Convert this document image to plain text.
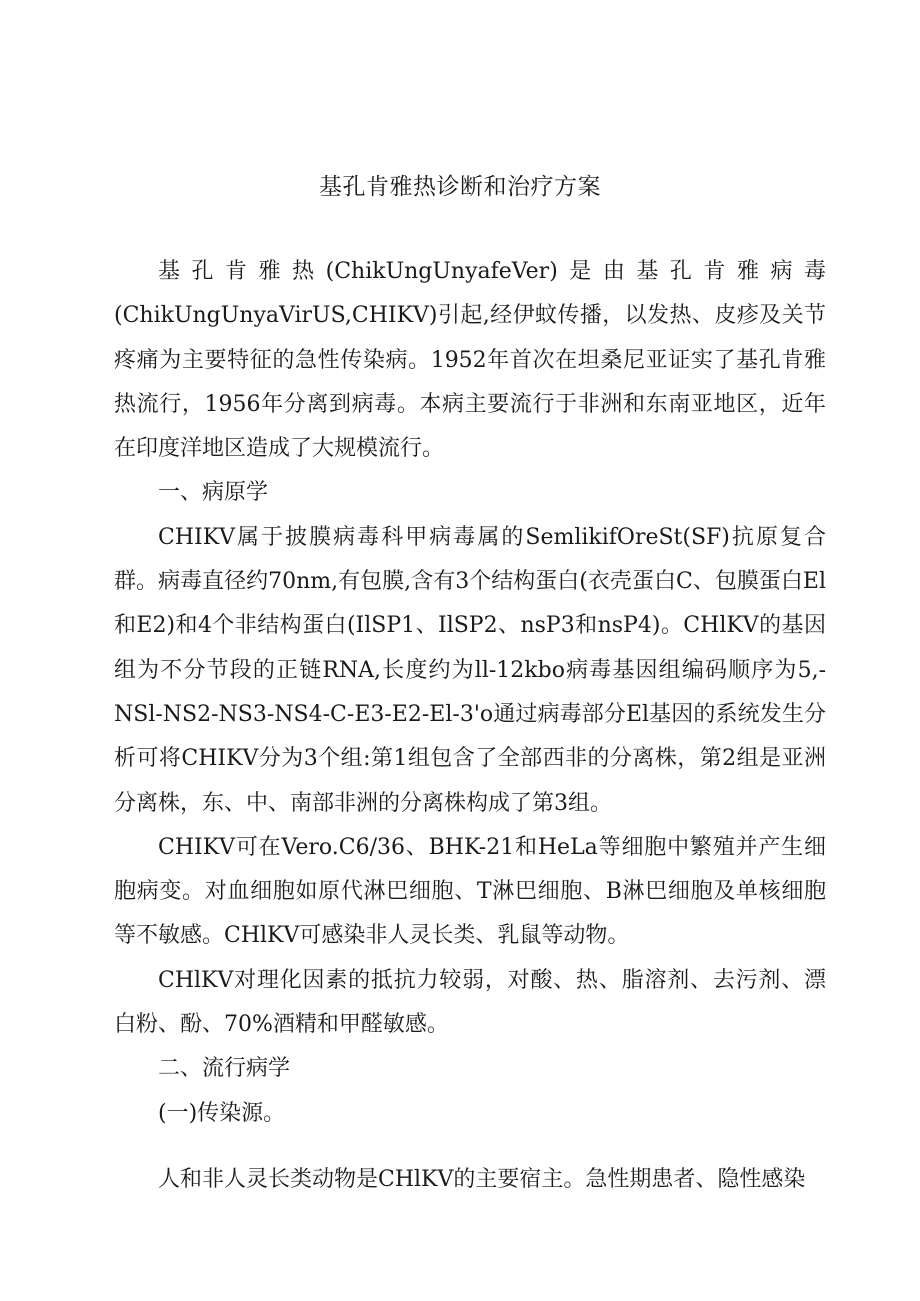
基孔肯雅热诊断和治疗方案

基孔肯雅热(ChikUngUnyafeVer)是由基孔肯雅病毒(ChikUngUnyaVirUS,CHIKV)引起,经伊蚊传播，以发热、皮疹及关节疼痛为主要特征的急性传染病。1952年首次在坦桑尼亚证实了基孔肯雅热流行，1956年分离到病毒。本病主要流行于非洲和东南亚地区，近年在印度洋地区造成了大规模流行。

一、病原学

CHIKV属于披膜病毒科甲病毒属的SemlikifOreSt(SF)抗原复合群。病毒直径约70nm,有包膜,含有3个结构蛋白(衣壳蛋白C、包膜蛋白El和E2)和4个非结构蛋白(IlSP1、IlSP2、nsP3和nsP4)。CHlKV的基因组为不分节段的正链RNA,长度约为ll-12kbo病毒基因组编码顺序为5,-NSl-NS2-NS3-NS4-C-E3-E2-El-3'o通过病毒部分El基因的系统发生分析可将CHIKV分为3个组:第1组包含了全部西非的分离株，第2组是亚洲分离株，东、中、南部非洲的分离株构成了第3组。

CHIKV可在Vero.C6/36、BHK-21和HeLa等细胞中繁殖并产生细胞病变。对血细胞如原代淋巴细胞、T淋巴细胞、B淋巴细胞及单核细胞等不敏感。CHlKV可感染非人灵长类、乳鼠等动物。

CHlKV对理化因素的抵抗力较弱，对酸、热、脂溶剂、去污剂、漂白粉、酚、70%酒精和甲醛敏感。

二、流行病学

(一)传染源。

人和非人灵长类动物是CHlKV的主要宿主。急性期患者、隐性感染
